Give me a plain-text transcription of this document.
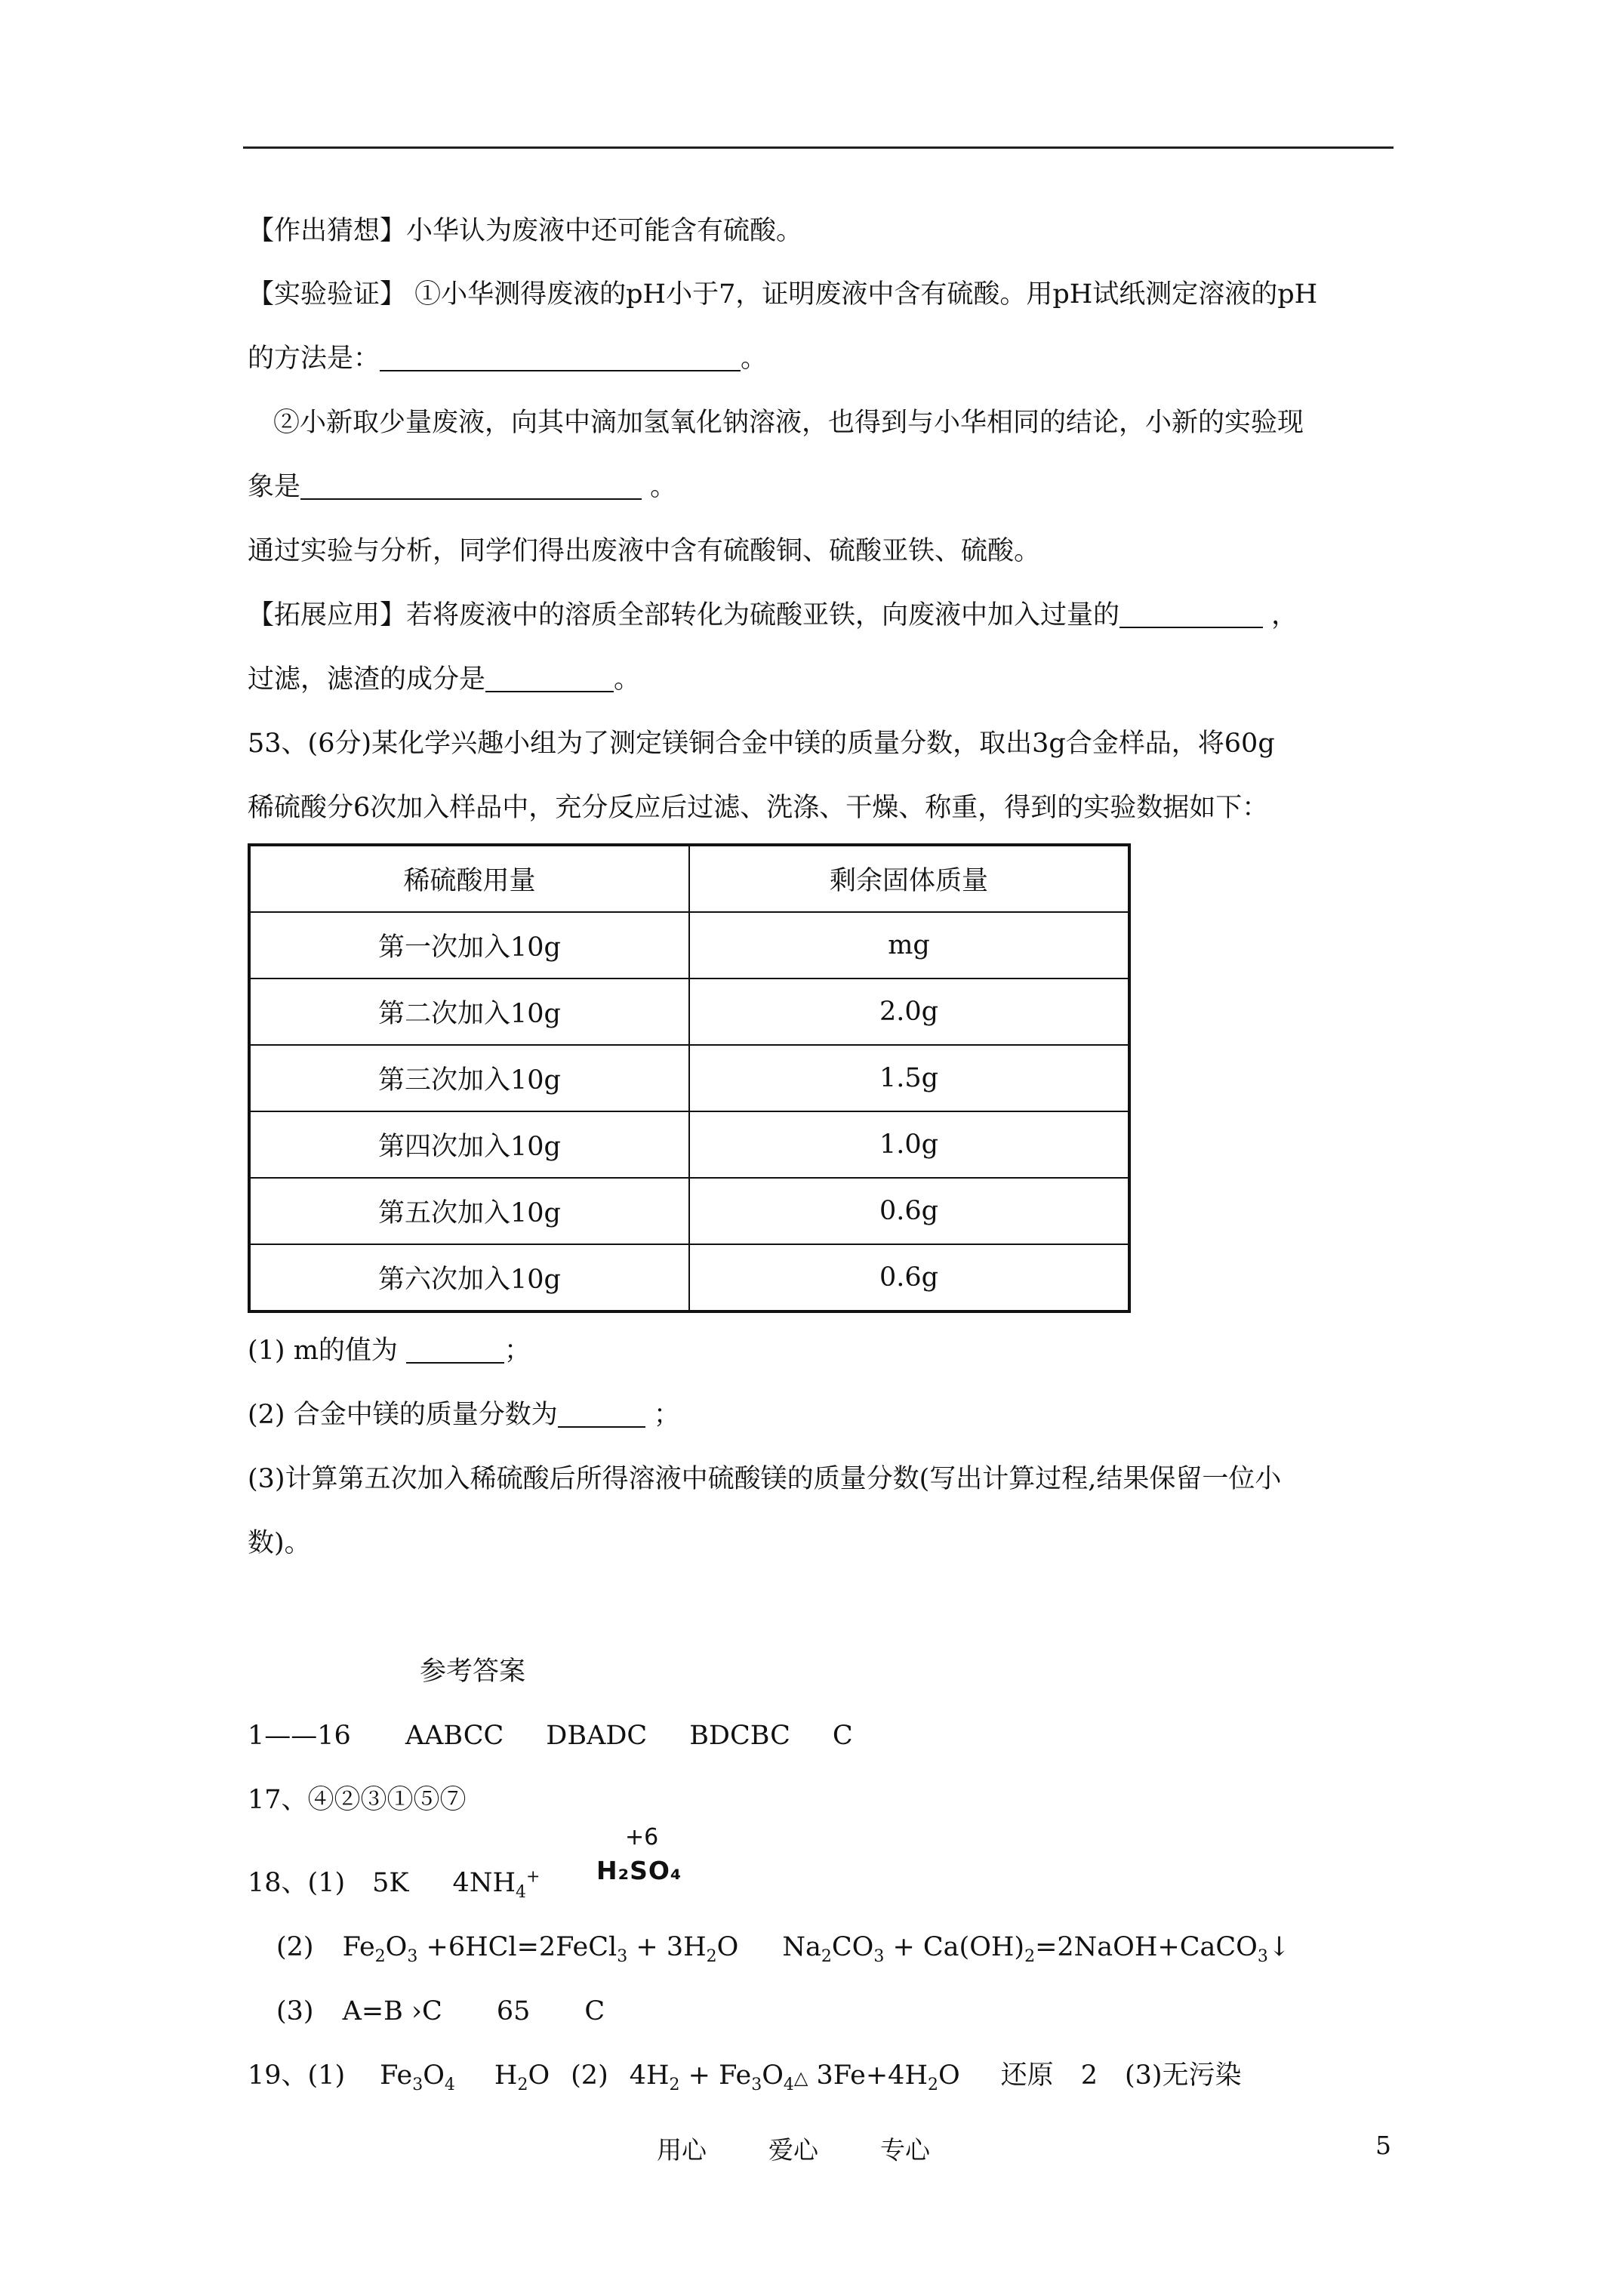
【作出猜想】小华认为废液中还可能含有硫酸。
【实验验证】 ①小华测得废液的pH小于7，证明废液中含有硫酸。用pH试纸测定溶液的pH
的方法是：	。
②小新取少量废液，向其中滴加氢氧化钠溶液，也得到与小华相同的结论，小新的实验现
象是	。
通过实验与分析，同学们得出废液中含有硫酸铜、硫酸亚铁、硫酸。
【拓展应用】若将废液中的溶质全部转化为硫酸亚铁，向废液中加入过量的	，
过滤，滤渣的成分是	。
53、(6分)某化学兴趣小组为了测定镁铜合金中镁的质量分数，取出3g合金样品，将60g
稀硫酸分6次加入样品中，充分反应后过滤、洗涤、干燥、称重，得到的实验数据如下：
稀硫酸用量	剩余固体质量
第一次加入10g	mg
第二次加入10g	2.0g
第三次加入10g	1.5g
第四次加入10g	1.0g
第五次加入10g	0.6g
第六次加入10g	0.6g
(1) m的值为	；
(2) 合金中镁的质量分数为	；
(3)计算第五次加入稀硫酸后所得溶液中硫酸镁的质量分数(写出计算过程,结果保留一位小
数)。
参考答案
1——16 AABCC DBADC BDCBC C
17、④②③①⑤⑦
18、(1) 5K $4NH_4^+$
+6
H₂SO₄
(2) $Fe_2O_3$ +6HCl=2FeCl$_3$ + $3H_2O$ $Na_2CO_3$ + $Ca(OH)_2=2NaOH+CaCO_3↓$
(3) A=B ›C 65 C
19、(1) $Fe_3O_4$ $H_2O$ (2) $4H_2$ + $Fe_3O_4\triangle$ $3Fe+4H_2O$ 还原 2 (3)无污染
用心 爱心 专心	5
